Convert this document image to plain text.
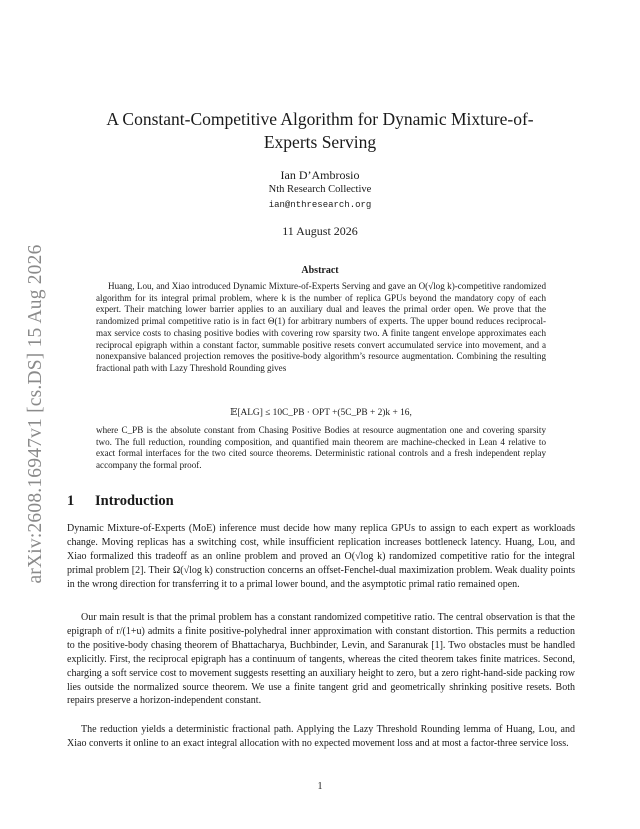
arXiv:2608.16947v1 [cs.DS] 15 Aug 2026
A Constant-Competitive Algorithm for Dynamic Mixture-of-Experts Serving
Ian D’Ambrosio
Nth Research Collective
ian@nthresearch.org
11 August 2026
Abstract

Huang, Lou, and Xiao introduced Dynamic Mixture-of-Experts Serving and gave an O(√log k)-competitive randomized algorithm for its integral primal problem, where k is the number of replica GPUs beyond the mandatory copy of each expert. Their matching lower barrier applies to an auxiliary dual and leaves the primal order open. We prove that the randomized primal competitive ratio is in fact Θ(1) for arbitrary numbers of experts. The upper bound reduces reciprocal-max service costs to chasing positive bodies with covering row sparsity two. A finite tangent envelope approximates each reciprocal epigraph within a constant factor, summable positive resets convert accumulated service into movement, and a nonexpansive balanced projection removes the positive-body algorithm’s resource augmentation. Combining the resulting fractional path with Lazy Threshold Rounding gives

𝔼[ALG] ≤ 10C_PB · OPT +(5C_PB + 2)k + 16,

where C_PB is the absolute constant from Chasing Positive Bodies at resource augmentation one and covering sparsity two. The full reduction, rounding composition, and quantified main theorem are machine-checked in Lean 4 relative to exact formal interfaces for the two cited source theorems. Deterministic rational controls and a fresh independent replay accompany the formal proof.

1 Introduction

Dynamic Mixture-of-Experts (MoE) inference must decide how many replica GPUs to assign to each expert as workloads change. Moving replicas has a switching cost, while insufficient replication increases bottleneck latency. Huang, Lou, and Xiao formalized this tradeoff as an online problem and proved an O(√log k) randomized competitive ratio for the integral primal problem [2]. Their Ω(√log k) construction concerns an offset-Fenchel-dual maximization problem. Weak duality points in the wrong direction for transferring it to a primal lower bound, and the asymptotic primal ratio remained open.

Our main result is that the primal problem has a constant randomized competitive ratio. The central observation is that the epigraph of r/(1+u) admits a finite positive-polyhedral inner approximation with constant distortion. This permits a reduction to the positive-body chasing theorem of Bhattacharya, Buchbinder, Levin, and Saranurak [1]. Two obstacles must be handled explicitly. First, the reciprocal epigraph has a continuum of tangents, whereas the cited theorem takes finite matrices. Second, charging a soft service cost to movement suggests resetting an auxiliary height to zero, but a zero right-hand-side packing row lies outside the normalized source theorem. We use a finite tangent grid and geometrically shrinking positive resets. Both repairs preserve a horizon-independent constant.

The reduction yields a deterministic fractional path. Applying the Lazy Threshold Rounding lemma of Huang, Lou, and Xiao converts it online to an exact integral allocation with no expected movement loss and at most a factor-three service loss.

1
